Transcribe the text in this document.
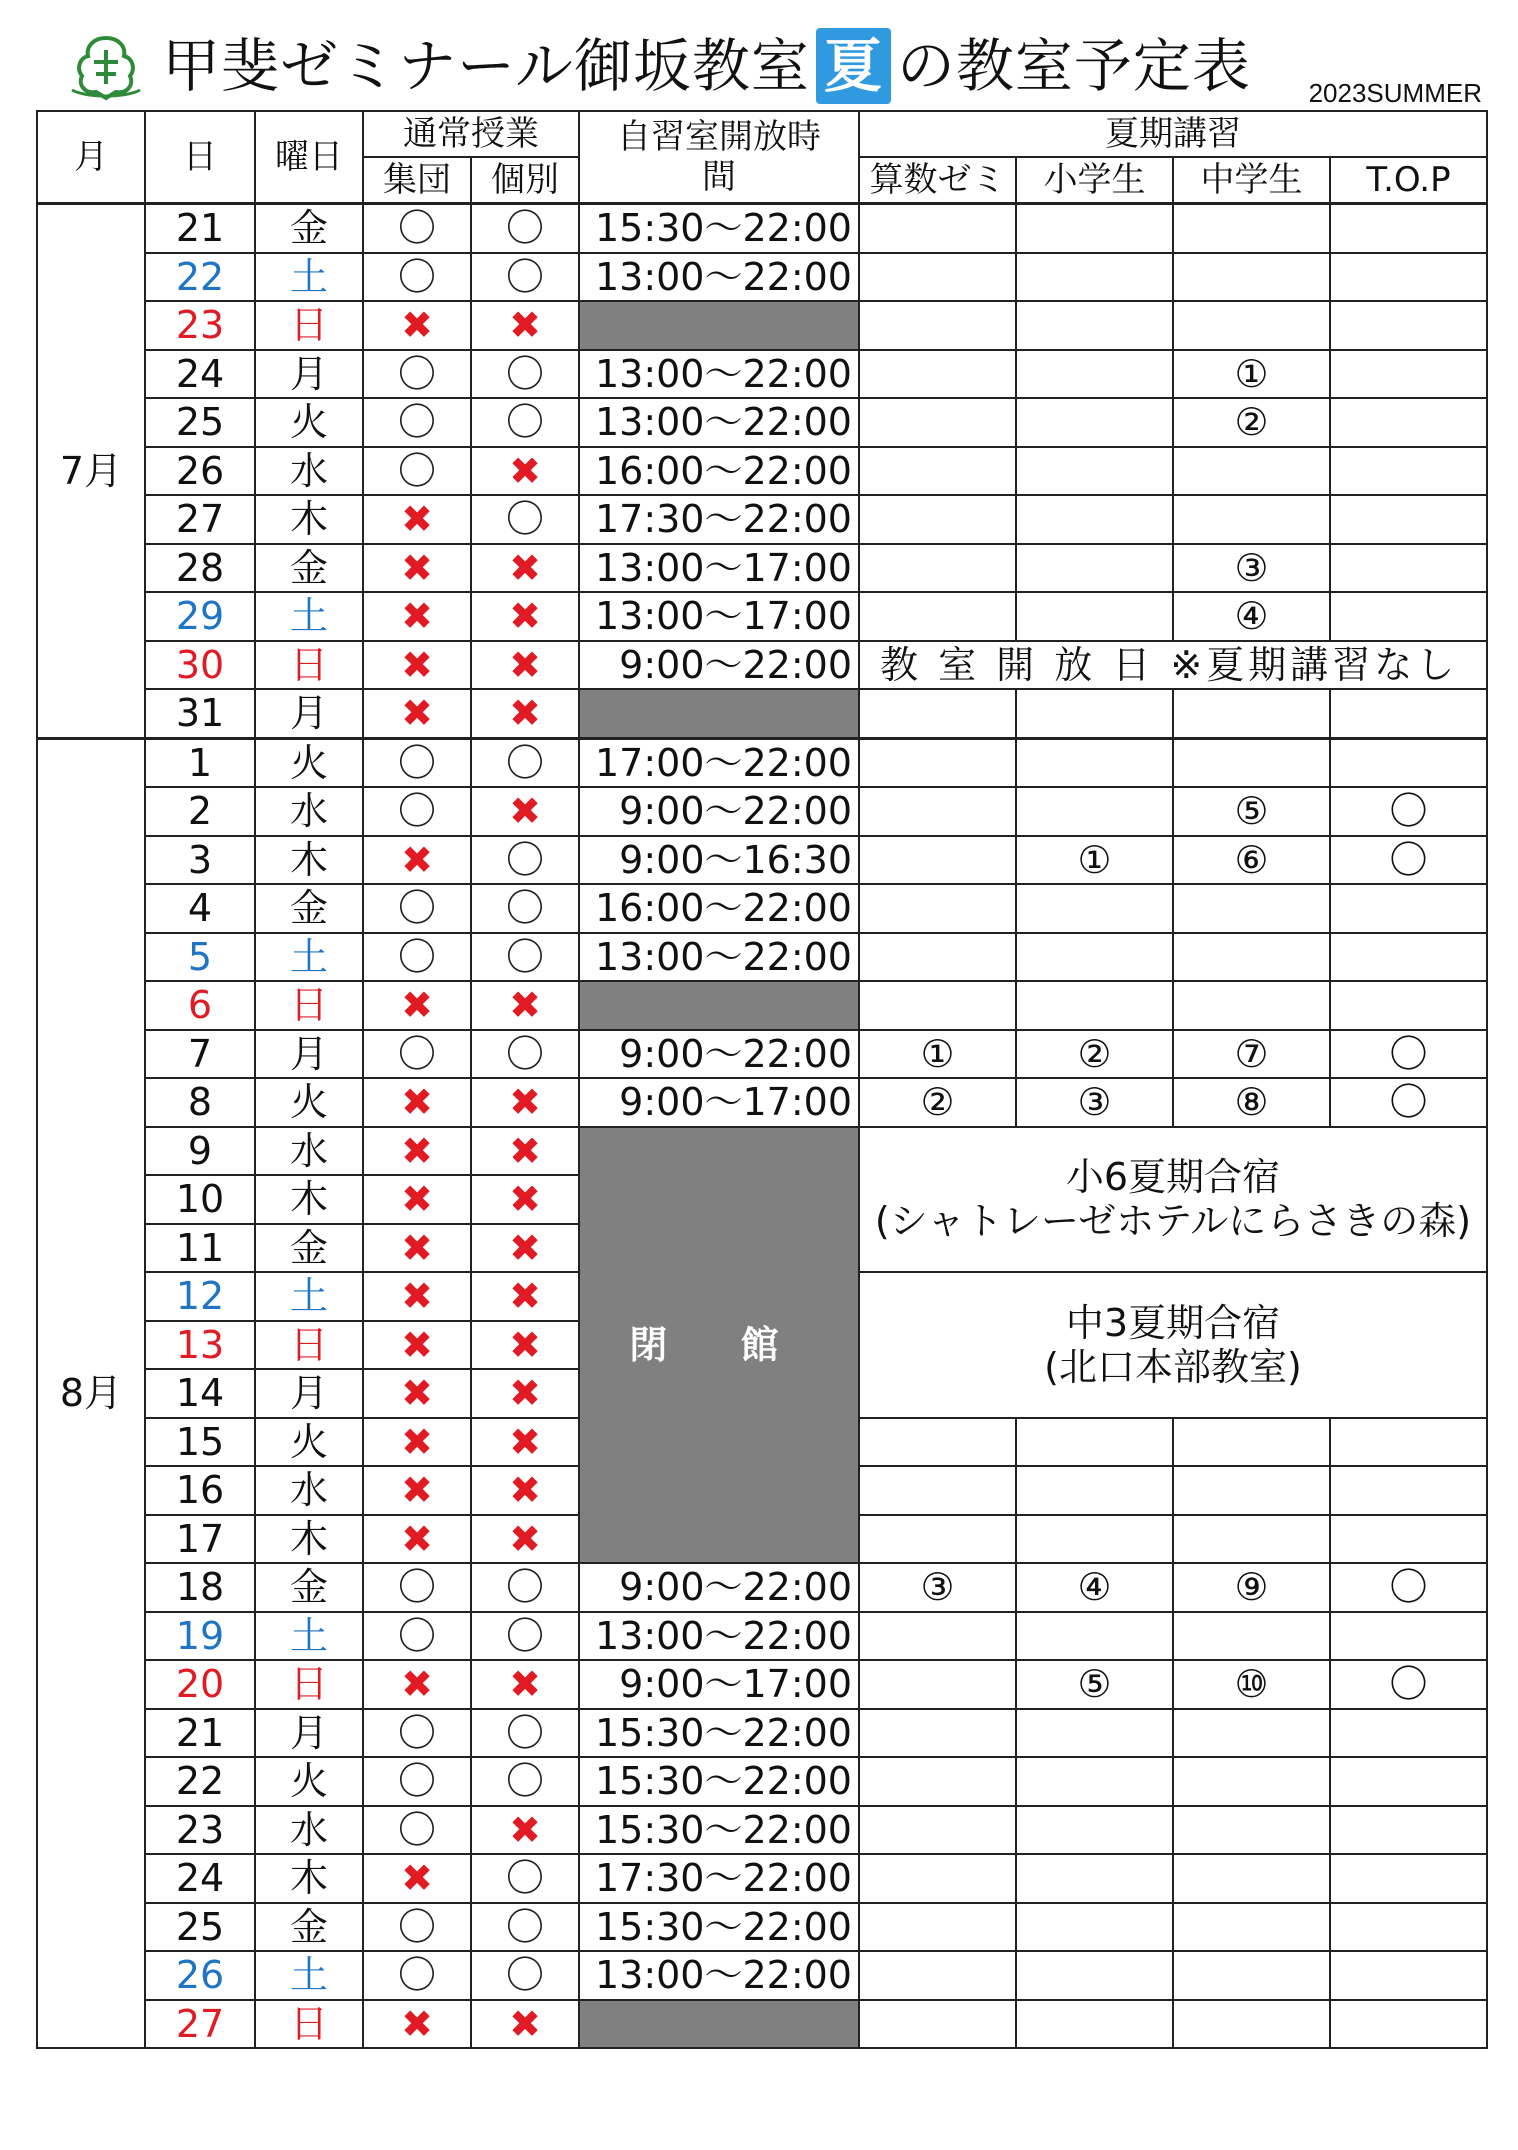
甲斐ゼミナール御坂教室 夏 の教室予定表 2023SUMMER
月	日	曜日	通常授業		自習室開放時間	夏期講習			
			集団	個別		算数ゼミ	小学生	中学生	T.O.P
7月	21	金	〇	〇	15:30～22:00				
	22	土	〇	〇	13:00～22:00				
	23	日	✖	✖					
	24	月	〇	〇	13:00～22:00			①	
	25	火	〇	〇	13:00～22:00			②	
	26	水	〇	✖	16:00～22:00				
	27	木	✖	〇	17:30～22:00				
	28	金	✖	✖	13:00～17:00			③	
	29	土	✖	✖	13:00～17:00			④	
	30	日	✖	✖	9:00～22:00	教 室 開 放 日 ※夏期講習なし			
	31	月	✖	✖					
8月	1	火	〇	〇	17:00～22:00				
	2	水	〇	✖	9:00～22:00			⑤	〇
	3	木	✖	〇	9:00～16:30		①	⑥	〇
	4	金	〇	〇	16:00～22:00				
	5	土	〇	〇	13:00～22:00				
	6	日	✖	✖					
	7	月	〇	〇	9:00～22:00	①	②	⑦	〇
	8	火	✖	✖	9:00～17:00	②	③	⑧	〇
	9	水	✖	✖	閉 館	小6夏期合宿
(シャトレーゼホテルにらさきの森)			

	10	木	✖	✖					
	11	金	✖	✖					
	12	土	✖	✖		中3夏期合宿
(北口本部教室)			

	13	日	✖	✖					
	14	月	✖	✖					
	15	火	✖	✖					
	16	水	✖	✖					
	17	木	✖	✖					
	18	金	〇	〇	9:00～22:00	③	④	⑨	〇
	19	土	〇	〇	13:00～22:00				
	20	日	✖	✖	9:00～17:00		⑤	⑩	〇
	21	月	〇	〇	15:30～22:00				
	22	火	〇	〇	15:30～22:00				
	23	水	〇	✖	15:30～22:00				
	24	木	✖	〇	17:30～22:00				
	25	金	〇	〇	15:30～22:00				
	26	土	〇	〇	13:00～22:00				
	27	日	✖	✖					
